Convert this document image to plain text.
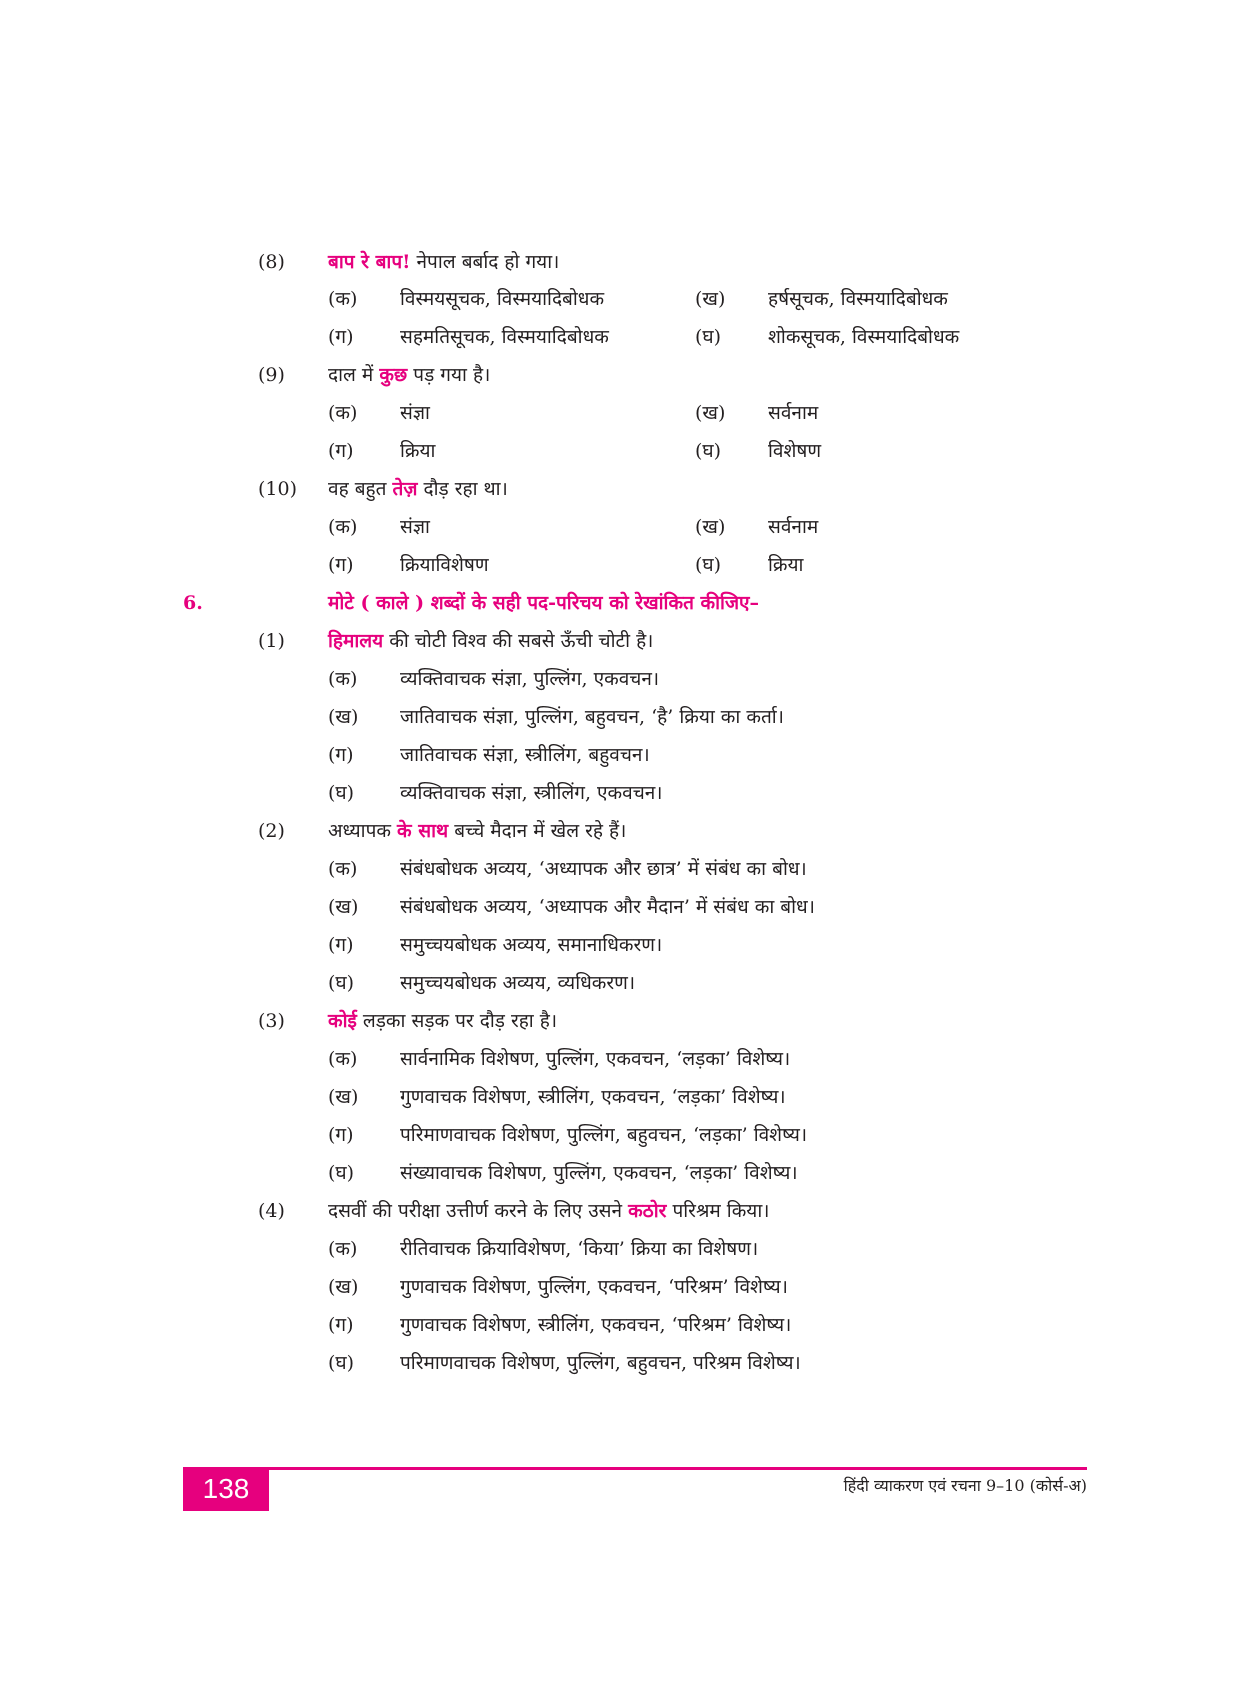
(8) बाप रे बाप! नेपाल बर्बाद हो गया।
(क) विस्मयसूचक, विस्मयादिबोधक	(ख) हर्षसूचक, विस्मयादिबोधक
(ग) सहमतिसूचक, विस्मयादिबोधक	(घ) शोकसूचक, विस्मयादिबोधक
(9) दाल में कुछ पड़ गया है।
(क) संज्ञा	(ख) सर्वनाम
(ग) क्रिया	(घ) विशेषण
(10) वह बहुत तेज़ दौड़ रहा था।
(क) संज्ञा	(ख) सर्वनाम
(ग) क्रियाविशेषण	(घ) क्रिया
6.	मोटे ( काले ) शब्दों के सही पद-परिचय को रेखांकित कीजिए–
(1) हिमालय की चोटी विश्व की सबसे ऊँची चोटी है।
(क) व्यक्तिवाचक संज्ञा, पुल्लिंग, एकवचन।
(ख) जातिवाचक संज्ञा, पुल्लिंग, बहुवचन, ‘है’ क्रिया का कर्ता।
(ग) जातिवाचक संज्ञा, स्त्रीलिंग, बहुवचन।
(घ) व्यक्तिवाचक संज्ञा, स्त्रीलिंग, एकवचन।
(2) अध्यापक के साथ बच्चे मैदान में खेल रहे हैं।
(क) संबंधबोधक अव्यय, ‘अध्यापक और छात्र’ में संबंध का बोध।
(ख) संबंधबोधक अव्यय, ‘अध्यापक और मैदान’ में संबंध का बोध।
(ग) समुच्चयबोधक अव्यय, समानाधिकरण।
(घ) समुच्चयबोधक अव्यय, व्यधिकरण।
(3) कोई लड़का सड़क पर दौड़ रहा है।
(क) सार्वनामिक विशेषण, पुल्लिंग, एकवचन, ‘लड़का’ विशेष्य।
(ख) गुणवाचक विशेषण, स्त्रीलिंग, एकवचन, ‘लड़का’ विशेष्य।
(ग) परिमाणवाचक विशेषण, पुल्लिंग, बहुवचन, ‘लड़का’ विशेष्य।
(घ) संख्यावाचक विशेषण, पुल्लिंग, एकवचन, ‘लड़का’ विशेष्य।
(4) दसवीं की परीक्षा उत्तीर्ण करने के लिए उसने कठोर परिश्रम किया।
(क) रीतिवाचक क्रियाविशेषण, ‘किया’ क्रिया का विशेषण।
(ख) गुणवाचक विशेषण, पुल्लिंग, एकवचन, ‘परिश्रम’ विशेष्य।
(ग) गुणवाचक विशेषण, स्त्रीलिंग, एकवचन, ‘परिश्रम’ विशेष्य।
(घ) परिमाणवाचक विशेषण, पुल्लिंग, बहुवचन, परिश्रम विशेष्य।
138	हिंदी व्याकरण एवं रचना 9–10 (कोर्स-अ)
